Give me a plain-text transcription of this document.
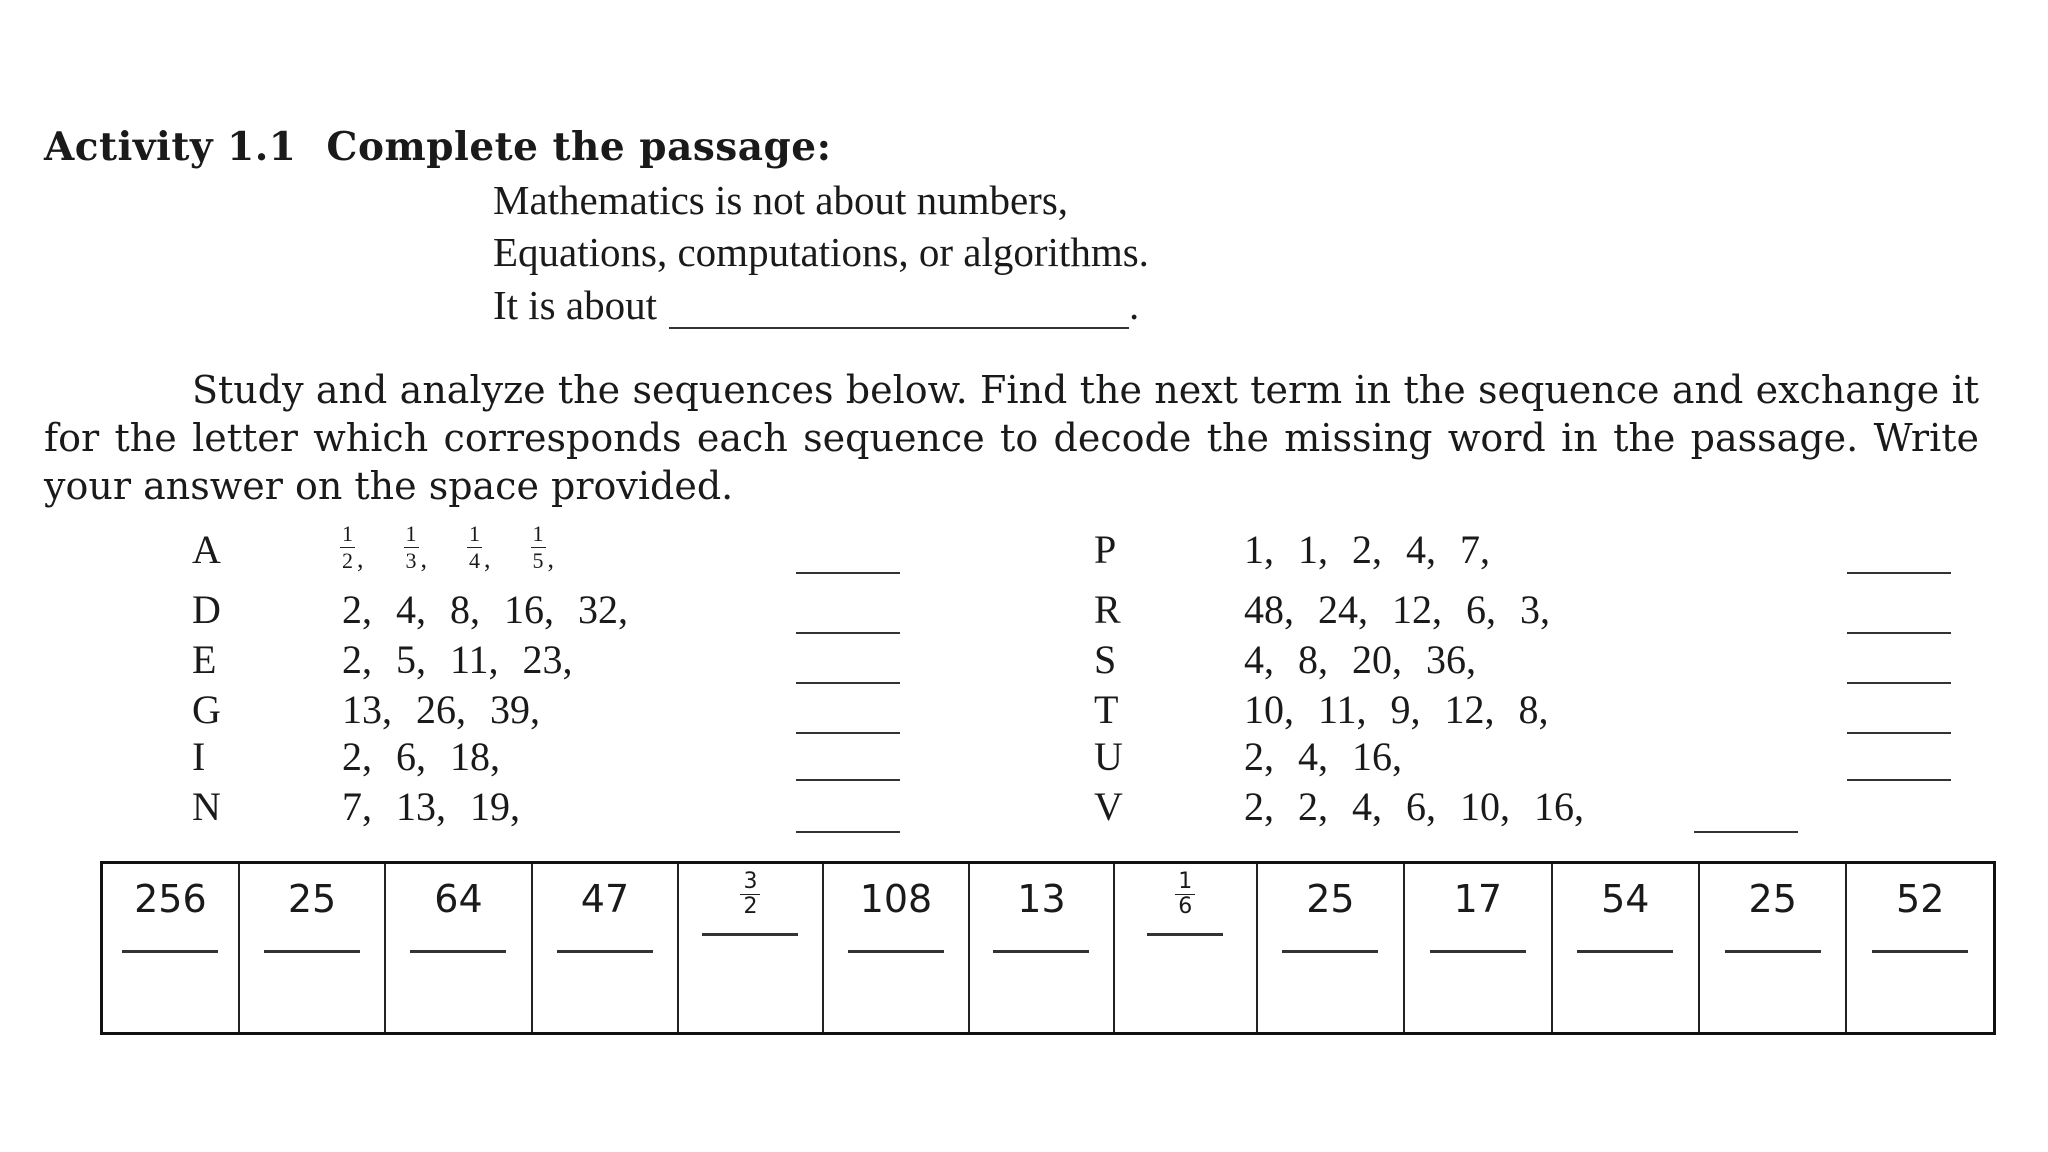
Activity 1.1 Complete the passage:
Mathematics is not about numbers,
Equations, computations, or algorithms.
It is about	.
Study and analyze the sequences below. Find the next term in the sequence and exchange it for the letter which corresponds each sequence to decode the missing word in the passage. Write your answer on the space provided.
A	$\frac{1}{2}$ , $\frac{1}{3}$ , $\frac{1}{4}$ , $\frac{1}{5}$ ,
D	2, 4, 8, 16, 32,
E	2, 5, 11, 23,
G	13, 26, 39,
I	2, 6, 18,
N	7, 13, 19,
P	1, 1, 2, 4, 7,
R	48, 24, 12, 6, 3,
S	4, 8, 20, 36,
T	10, 11, 9, 12, 8,
U	2, 4, 16,
V	2, 2, 4, 6, 10, 16,
256	25	64	47	$\frac{3}{2}$	108	13	$\frac{1}{6}$	25	17	54	25	52
